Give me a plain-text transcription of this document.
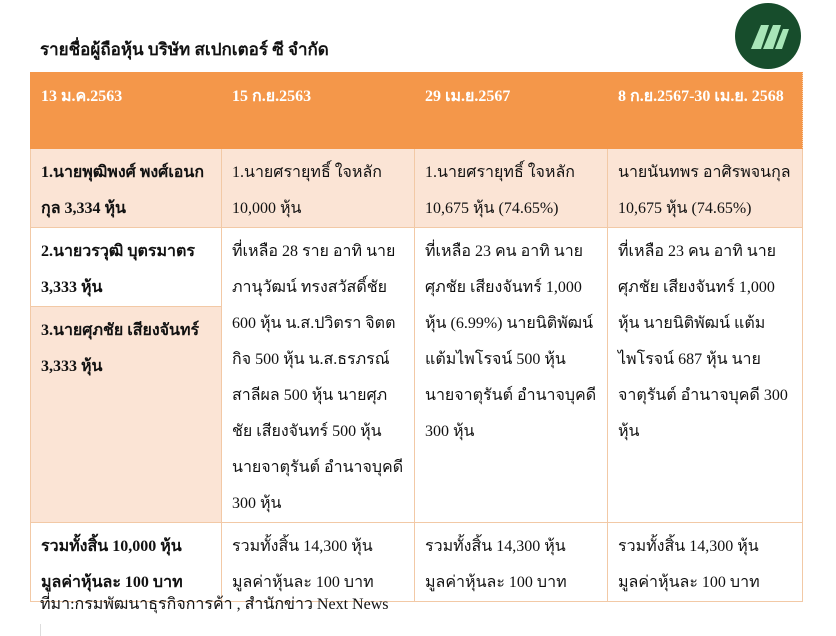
รายชื่อผู้ถือหุ้น บริษัท สเปกเตอร์ ซี จำกัด
13 ม.ค.2563	15 ก.ย.2563	29 เม.ย.2567	8 ก.ย.2567-30 เม.ย. 2568
1.นายพุฒิพงศ์ พงศ์เอนกกุล 3,334 หุ้น	1.นายศรายุทธิ์ ใจหลัก 10,000 หุ้น	1.นายศรายุทธิ์ ใจหลัก 10,675 หุ้น (74.65%)	นายนันทพร อาศิรพจนกุล 10,675 หุ้น (74.65%)
2.นายวรวุฒิ บุตรมาตร 3,333 หุ้น	ที่เหลือ 28 ราย อาทิ นายภานุวัฒน์ ทรงสวัสดิ์ชัย 600 หุ้น น.ส.ปวิตรา จิตตกิจ 500 หุ้น น.ส.ธรภรณ์ สาลีผล 500 หุ้น นายศุภชัย เสียงจันทร์ 500 หุ้น นายจาตุรันต์ อำนาจบุคดี 300 หุ้น	ที่เหลือ 23 คน อาทิ นายศุภชัย เสียงจันทร์ 1,000 หุ้น (6.99%) นายนิติพัฒน์ แต้มไพโรจน์ 500 หุ้น นายจาตุรันต์ อำนาจบุคดี 300 หุ้น	ที่เหลือ 23 คน อาทิ นายศุภชัย เสียงจันทร์ 1,000 หุ้น นายนิติพัฒน์ แต้มไพโรจน์ 687 หุ้น นายจาตุรันต์ อำนาจบุคดี 300 หุ้น
3.นายศุภชัย เสียงจันทร์ 3,333 หุ้น			
รวมทั้งสิ้น 10,000 หุ้น มูลค่าหุ้นละ 100 บาท	รวมทั้งสิ้น 14,300 หุ้น มูลค่าหุ้นละ 100 บาท	รวมทั้งสิ้น 14,300 หุ้น มูลค่าหุ้นละ 100 บาท	รวมทั้งสิ้น 14,300 หุ้น มูลค่าหุ้นละ 100 บาท
ที่มา:กรมพัฒนาธุรกิจการค้า , สำนักข่าว Next News
